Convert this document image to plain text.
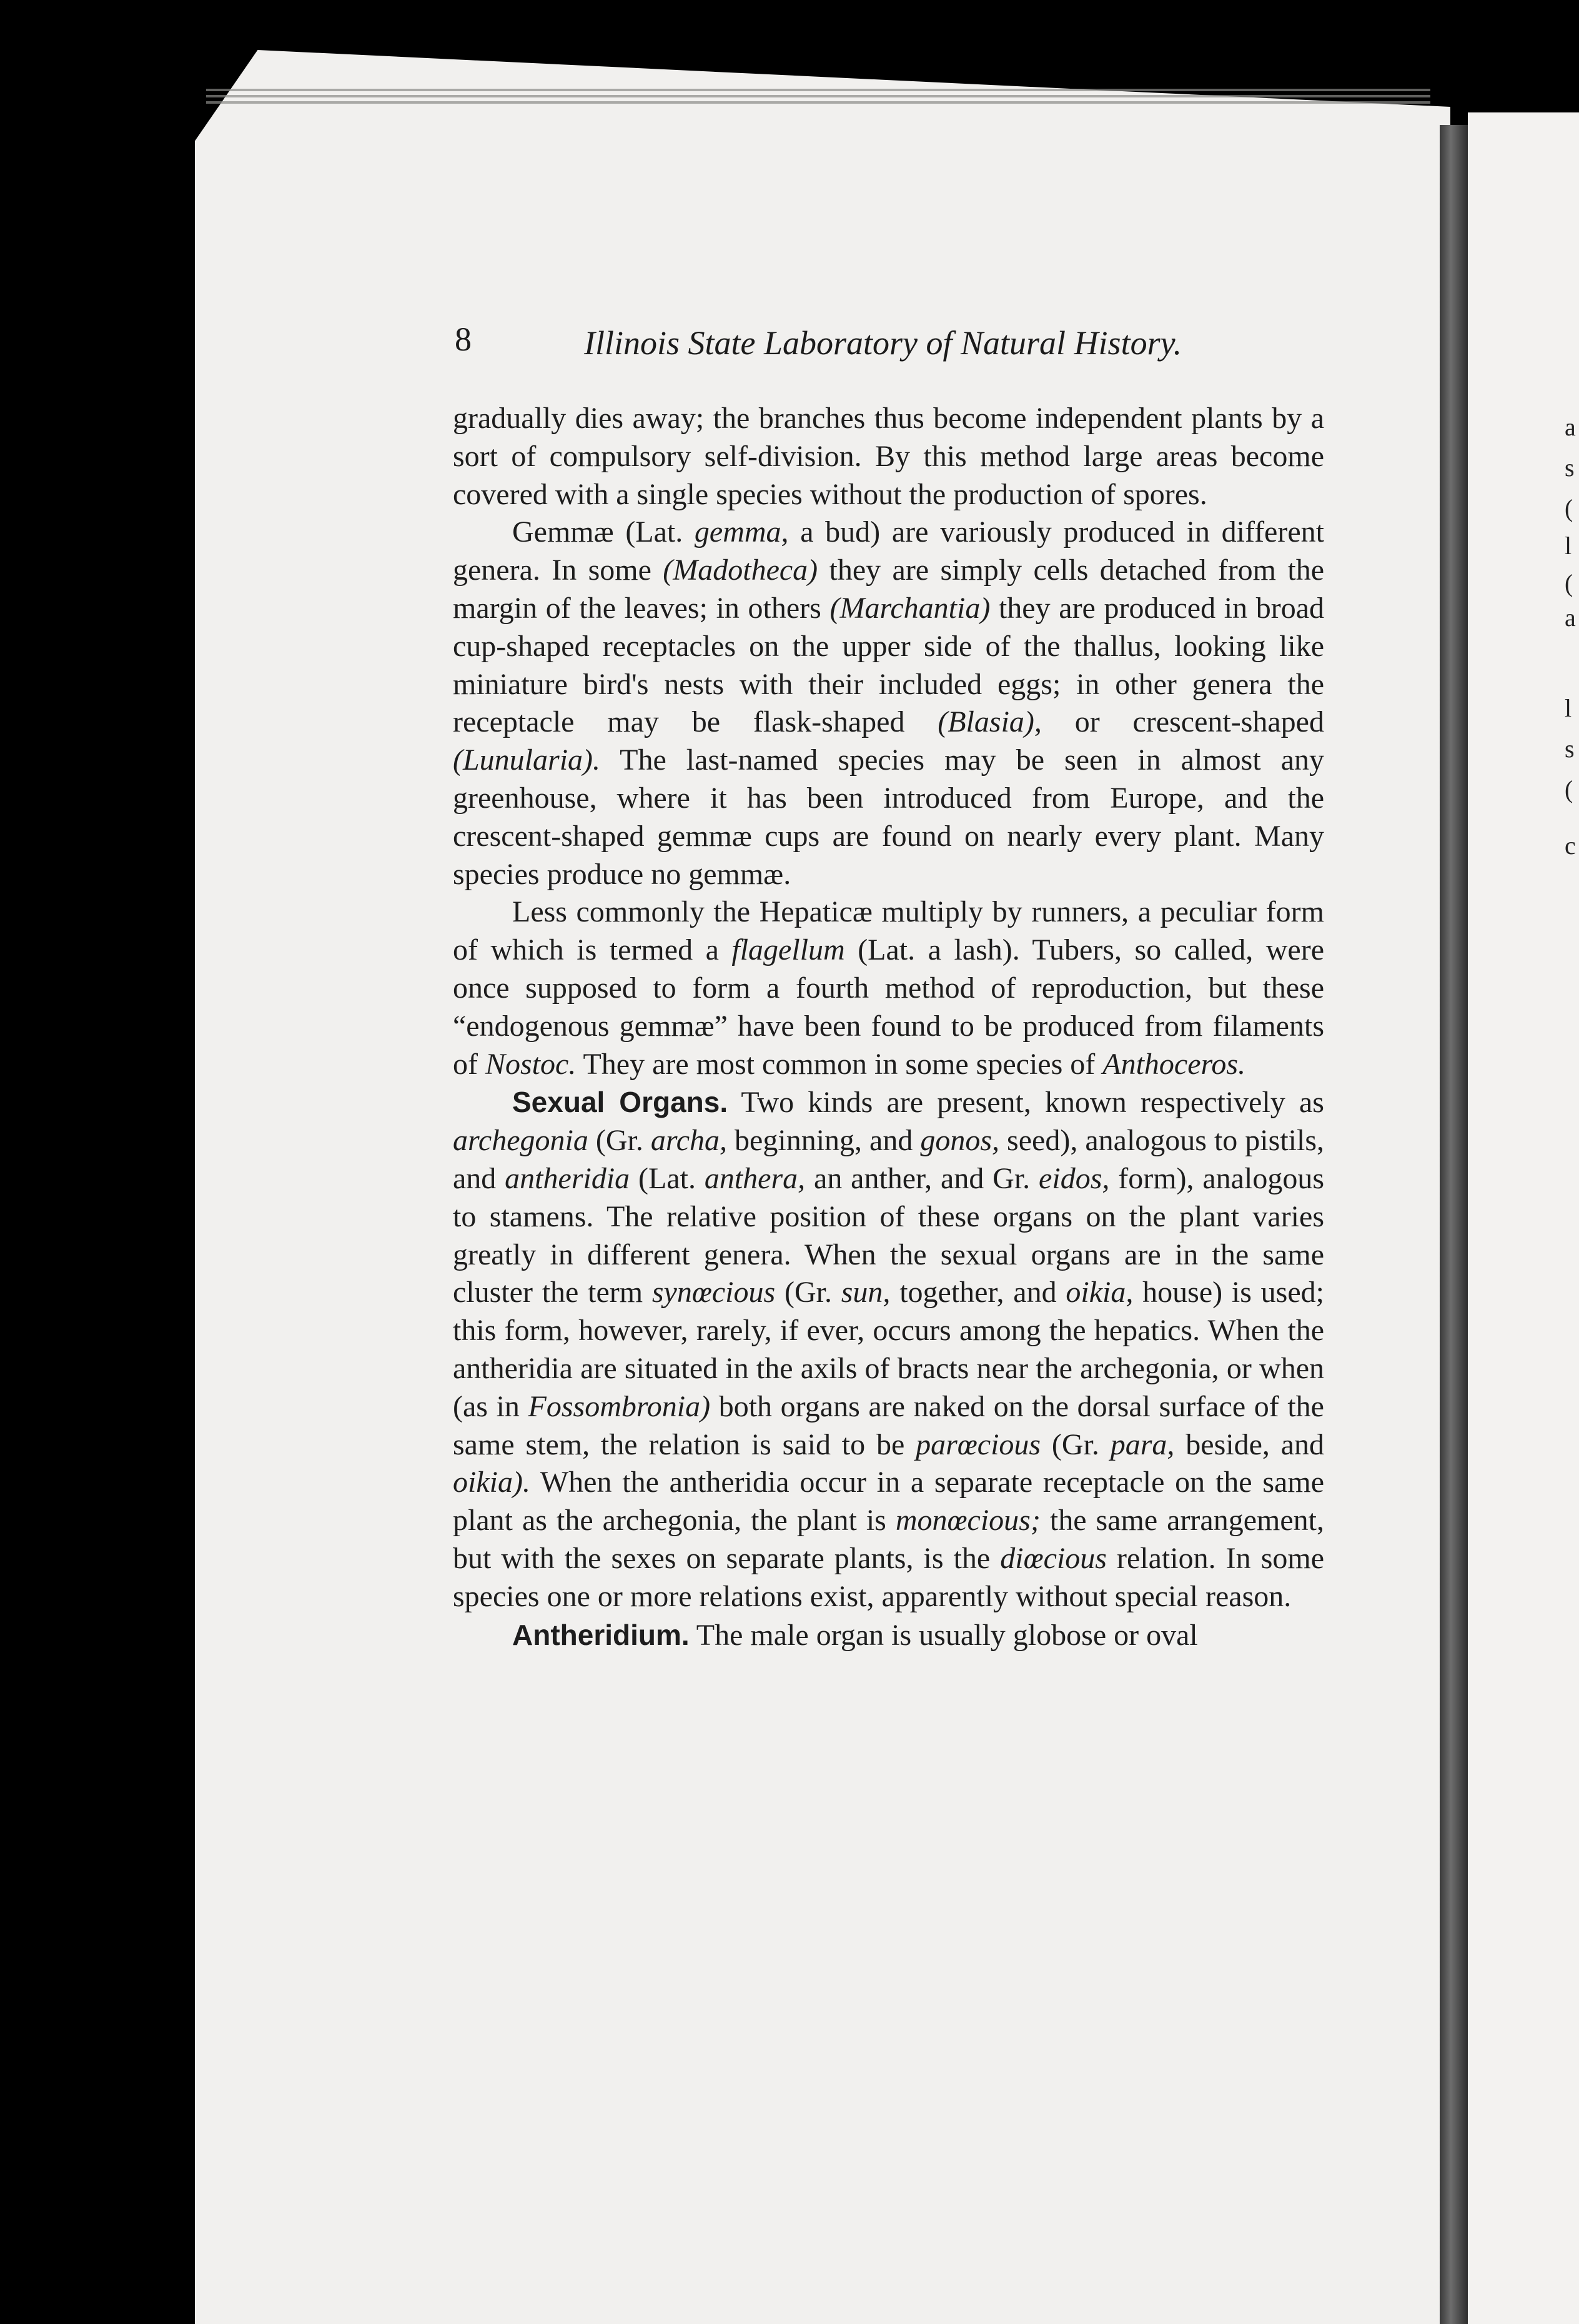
a
s
(
l
(
a
l
s
(
c
8	Illinois State Laboratory of Natural History.

gradually dies away; the branches thus become independent plants by a sort of compulsory self-division. By this method large areas become covered with a single species without the production of spores.

Gemmæ (Lat. gemma, a bud) are variously produced in different genera. In some (Madotheca) they are simply cells detached from the margin of the leaves; in others (Marchantia) they are produced in broad cup-shaped receptacles on the upper side of the thallus, looking like miniature bird's nests with their included eggs; in other genera the receptacle may be flask-shaped (Blasia), or crescent-shaped (Lunularia). The last-named species may be seen in almost any greenhouse, where it has been introduced from Europe, and the crescent-shaped gemmæ cups are found on nearly every plant. Many species produce no gemmæ.

Less commonly the Hepaticæ multiply by runners, a peculiar form of which is termed a flagellum (Lat. a lash). Tubers, so called, were once supposed to form a fourth method of reproduction, but these “endogenous gemmæ” have been found to be produced from filaments of Nostoc. They are most common in some species of Anthoceros.

Sexual Organs. Two kinds are present, known respectively as archegonia (Gr. archa, beginning, and gonos, seed), analogous to pistils, and antheridia (Lat. anthera, an anther, and Gr. eidos, form), analogous to stamens. The relative position of these organs on the plant varies greatly in different genera. When the sexual organs are in the same cluster the term synœcious (Gr. sun, together, and oikia, house) is used; this form, however, rarely, if ever, occurs among the hepatics. When the antheridia are situated in the axils of bracts near the archegonia, or when (as in Fossombronia) both organs are naked on the dorsal surface of the same stem, the relation is said to be parœcious (Gr. para, beside, and oikia). When the antheridia occur in a separate receptacle on the same plant as the archegonia, the plant is monœcious; the same arrangement, but with the sexes on separate plants, is the diœcious relation. In some species one or more relations exist, apparently without special reason.

Antheridium. The male organ is usually globose or oval
